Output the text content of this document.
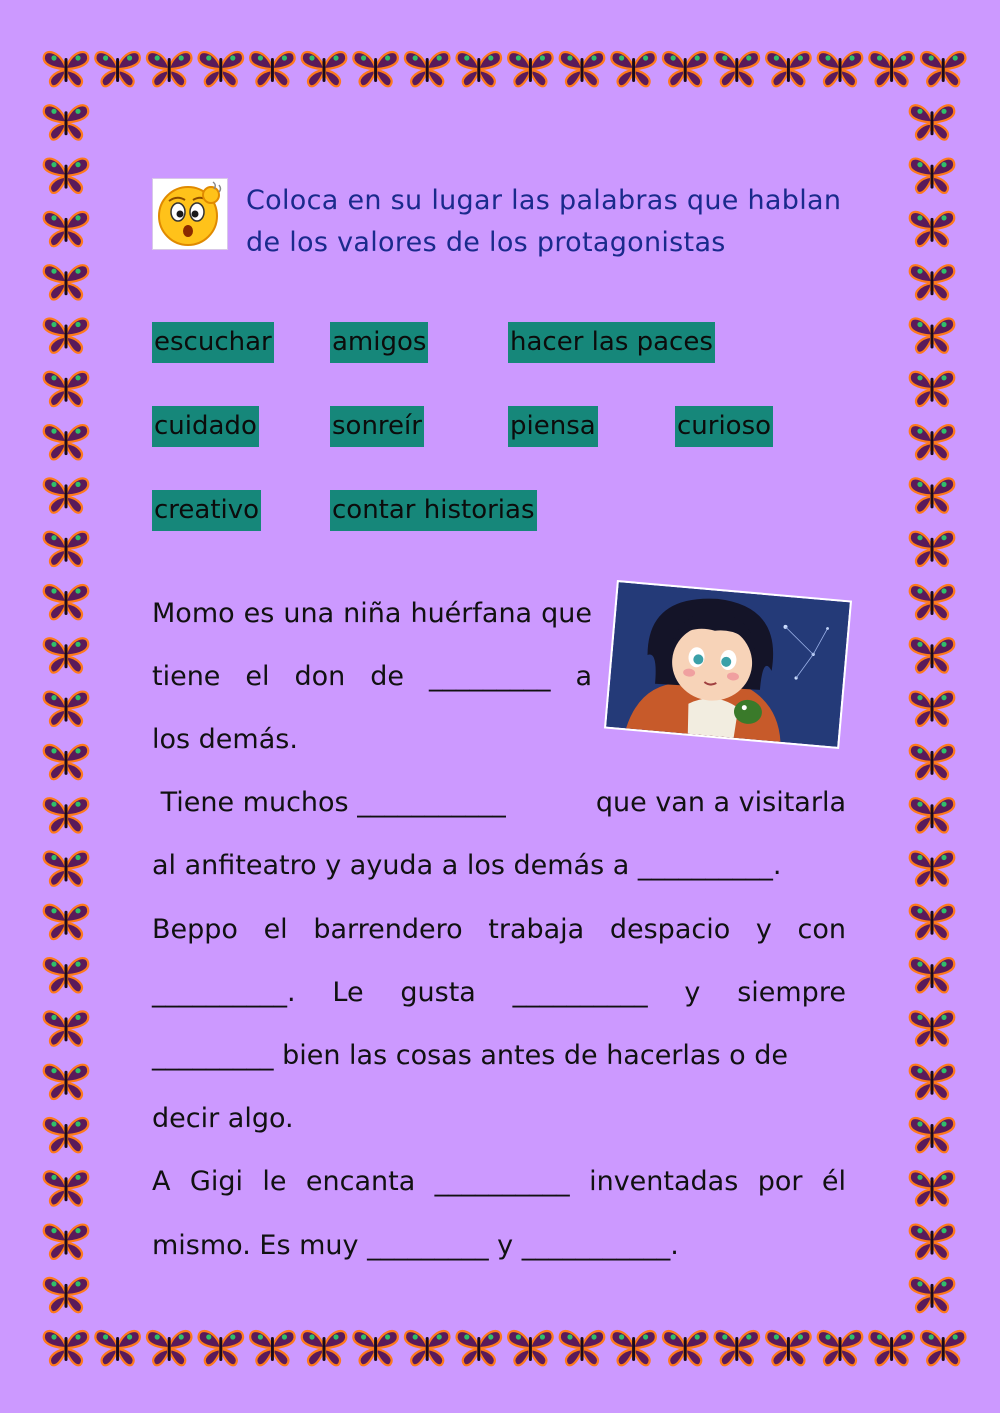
Coloca en su lugar las palabras que hablan
de los valores de los protagonistas
escuchar amigos	hacer las paces
cuidado	sonreír	piensa	curioso
creativo	contar historias
Momo es una niña huérfana que
tiene el don de _________ a
los demás.
Tiene muchos ___________	que van a visitarla
al anfiteatro y ayuda a los demás a __________.
Beppo el barrendero trabaja despacio y con
__________. Le gusta __________ y siempre
_________ bien las cosas antes de hacerlas o de
decir algo.
A Gigi le encanta __________ inventadas por él
mismo. Es muy _________ y ___________.
